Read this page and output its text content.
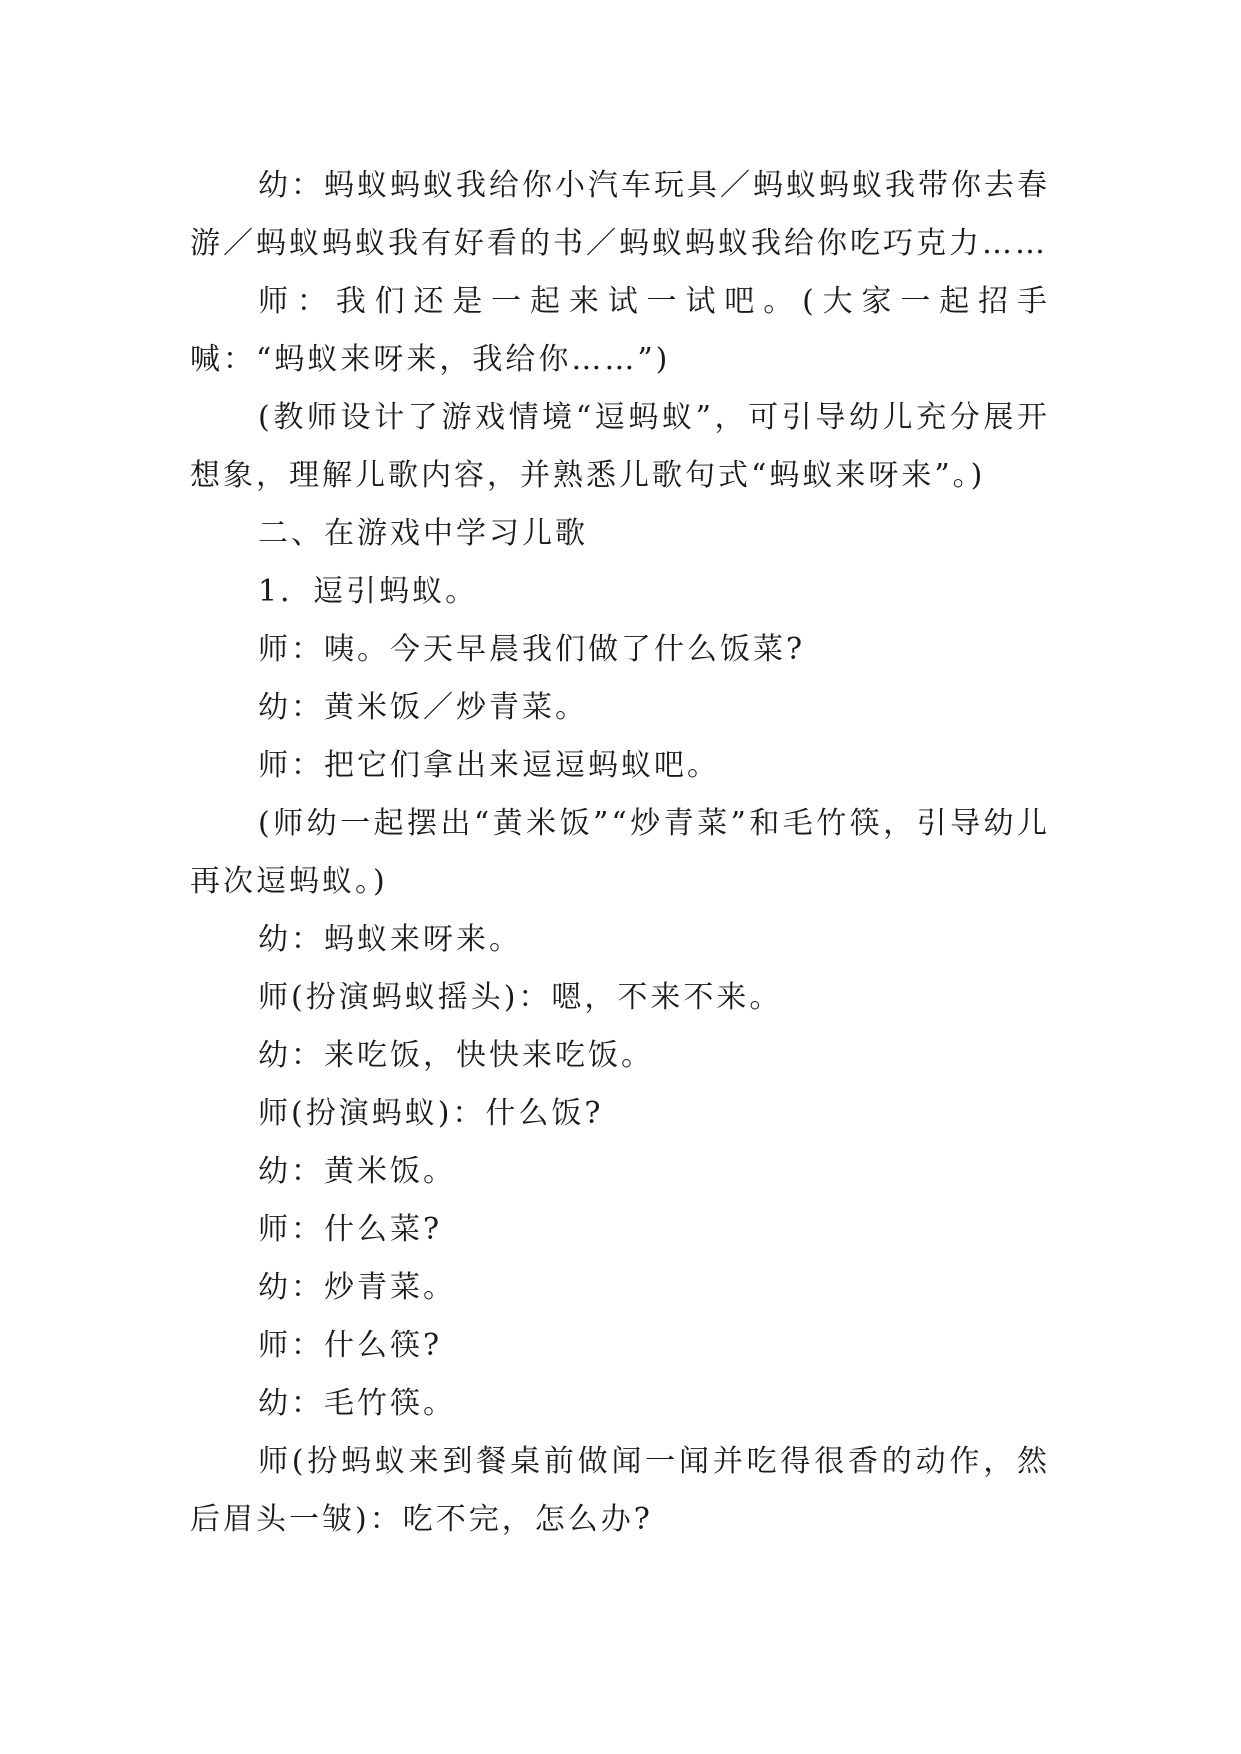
幼：蚂蚁蚂蚁我给你小汽车玩具／蚂蚁蚂蚁我带你去春游／蚂蚁蚂蚁我有好看的书／蚂蚁蚂蚁我给你吃巧克力……

师：我们还是一起来试一试吧。(大家一起招手喊：“蚂蚁来呀来，我给你……”)

(教师设计了游戏情境“逗蚂蚁”，可引导幼儿充分展开想象，理解儿歌内容，并熟悉儿歌句式“蚂蚁来呀来”。)

二、在游戏中学习儿歌

1．逗引蚂蚁。

师：咦。今天早晨我们做了什么饭菜?

幼：黄米饭／炒青菜。

师：把它们拿出来逗逗蚂蚁吧。

(师幼一起摆出“黄米饭”“炒青菜”和毛竹筷，引导幼儿再次逗蚂蚁。)

幼：蚂蚁来呀来。

师(扮演蚂蚁摇头)：嗯，不来不来。

幼：来吃饭，快快来吃饭。

师(扮演蚂蚁)：什么饭?

幼：黄米饭。

师：什么菜?

幼：炒青菜。

师：什么筷?

幼：毛竹筷。

师(扮蚂蚁来到餐桌前做闻一闻并吃得很香的动作，然后眉头一皱)：吃不完，怎么办?
